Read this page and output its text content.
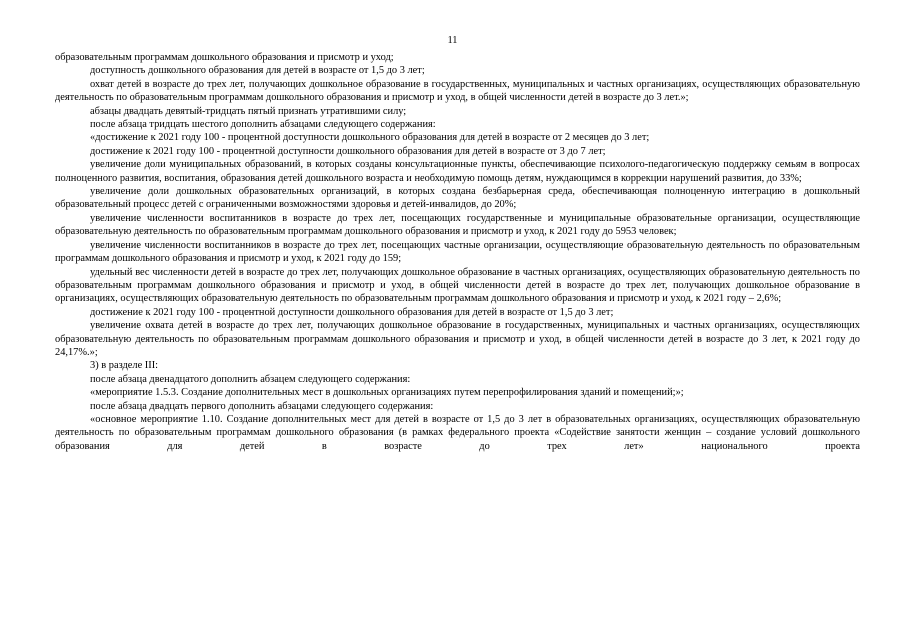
11

образовательным программам дошкольного образования и присмотр и уход;

доступность дошкольного образования для детей в возрасте от 1,5 до 3 лет;

охват детей в возрасте до трех лет, получающих дошкольное образование в государственных, муниципальных и частных организациях, осуществляющих образовательную деятельность по образовательным программам дошкольного образования и присмотр и уход, в общей численности детей в возрасте до 3 лет.»;

абзацы двадцать девятый-тридцать пятый признать утратившими силу;

после абзаца тридцать шестого дополнить абзацами следующего содержания:

«достижение к 2021 году 100 - процентной доступности дошкольного образования для детей в возрасте от 2 месяцев до 3 лет;

достижение к 2021 году 100 - процентной доступности дошкольного образования для детей в возрасте от 3 до 7 лет;

увеличение доли муниципальных образований, в которых созданы консультационные пункты, обеспечивающие психолого-педагогическую поддержку семьям в вопросах полноценного развития, воспитания, образования детей дошкольного возраста и необходимую помощь детям, нуждающимся в коррекции нарушений развития, до 33%;

увеличение доли дошкольных образовательных организаций, в которых создана безбарьерная среда, обеспечивающая полноценную интеграцию в дошкольный образовательный процесс детей с ограниченными возможностями здоровья и детей-инвалидов, до 20%;

увеличение численности воспитанников в возрасте до трех лет, посещающих государственные и муниципальные образовательные организации, осуществляющие образовательную деятельность по образовательным программам дошкольного образования и присмотр и уход, к 2021 году до 5953 человек;

увеличение численности воспитанников в возрасте до трех лет, посещающих частные организации, осуществляющие образовательную деятельность по образовательным программам дошкольного образования и присмотр и уход, к 2021 году до 159;

удельный вес численности детей в возрасте до трех лет, получающих дошкольное образование в частных организациях, осуществляющих образовательную деятельность по образовательным программам дошкольного образования и присмотр и уход, в общей численности детей в возрасте до трех лет, получающих дошкольное образование в организациях, осуществляющих образовательную деятельность по образовательным программам дошкольного образования и присмотр и уход, к 2021 году – 2,6%;

достижение к 2021 году 100 - процентной доступности дошкольного образования для детей в возрасте от 1,5 до 3 лет;

увеличение охвата детей в возрасте до трех лет, получающих дошкольное образование в государственных, муниципальных и частных организациях, осуществляющих образовательную деятельность по образовательным программам дошкольного образования и присмотр и уход, в общей численности детей в возрасте до 3 лет, к 2021 году до 24,17%.»;

3) в разделе III:

после абзаца двенадцатого дополнить абзацем следующего содержания:

«мероприятие 1.5.3. Создание дополнительных мест в дошкольных организациях путем перепрофилирования зданий и помещений;»;

после абзаца двадцать первого дополнить абзацами следующего содержания:

«основное мероприятие 1.10. Создание дополнительных мест для детей в возрасте от 1,5 до 3 лет в образовательных организациях, осуществляющих образовательную деятельность по образовательным программам дошкольного образования (в рамках федерального проекта «Содействие занятости женщин – создание условий дошкольного образования для детей в возрасте до трех лет» национального проекта
